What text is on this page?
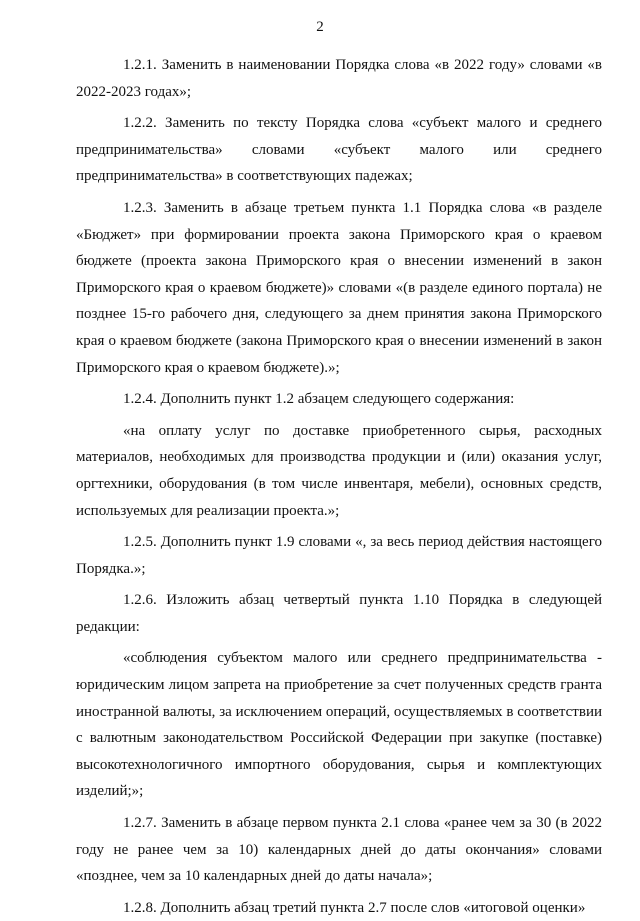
2

1.2.1. Заменить в наименовании Порядка слова «в 2022 году» словами «в 2022-2023 годах»;

1.2.2. Заменить по тексту Порядка слова «субъект малого и среднего предпринимательства» словами «субъект малого или среднего предпринимательства» в соответствующих падежах;

1.2.3. Заменить в абзаце третьем пункта 1.1 Порядка слова «в разделе «Бюджет» при формировании проекта закона Приморского края о краевом бюджете (проекта закона Приморского края о внесении изменений в закон Приморского края о краевом бюджете)» словами «(в разделе единого портала) не позднее 15-го рабочего дня, следующего за днем принятия закона Приморского края о краевом бюджете (закона Приморского края о внесении изменений в закон Приморского края о краевом бюджете).»;

1.2.4. Дополнить пункт 1.2 абзацем следующего содержания:

«на оплату услуг по доставке приобретенного сырья, расходных материалов, необходимых для производства продукции и (или) оказания услуг, оргтехники, оборудования (в том числе инвентаря, мебели), основных средств, используемых для реализации проекта.»;

1.2.5. Дополнить пункт 1.9 словами «, за весь период действия настоящего Порядка.»;

1.2.6. Изложить абзац четвертый пункта 1.10 Порядка в следующей редакции:

«соблюдения субъектом малого или среднего предпринимательства - юридическим лицом запрета на приобретение за счет полученных средств гранта иностранной валюты, за исключением операций, осуществляемых в соответствии с валютным законодательством Российской Федерации при закупке (поставке) высокотехнологичного импортного оборудования, сырья и комплектующих изделий;»;

1.2.7. Заменить в абзаце первом пункта 2.1 слова «ранее чем за 30 (в 2022 году не ранее чем за 10) календарных дней до даты окончания» словами «позднее, чем за 10 календарных дней до даты начала»;

1.2.8. Дополнить абзац третий пункта 2.7 после слов «итоговой оценки»
